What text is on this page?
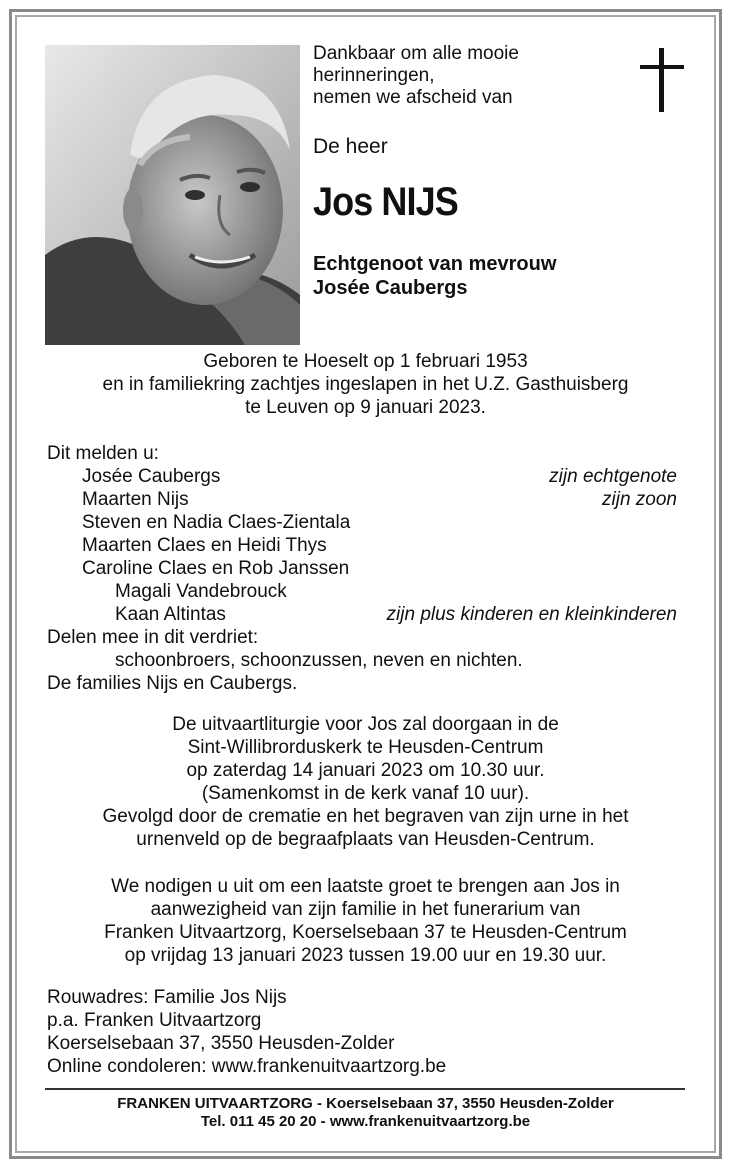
Dankbaar om alle mooie
herinneringen,
nemen we afscheid van
De heer
Jos NIJS
Echtgenoot van mevrouw
Josée Caubergs
Geboren te Hoeselt op 1 februari 1953
en in familiekring zachtjes ingeslapen in het U.Z. Gasthuisberg
te Leuven op 9 januari 2023.
Dit melden u:
Josée Caubergs	zijn echtgenote
Maarten Nijs	zijn zoon
Steven en Nadia Claes-Zientala
Maarten Claes en Heidi Thys
Caroline Claes en Rob Janssen
Magali Vandebrouck
Kaan Altintas	zijn plus kinderen en kleinkinderen
Delen mee in dit verdriet:
schoonbroers, schoonzussen, neven en nichten.
De families Nijs en Caubergs.
De uitvaartliturgie voor Jos zal doorgaan in de
Sint-Willibrorduskerk te Heusden-Centrum
op zaterdag 14 januari 2023 om 10.30 uur.
(Samenkomst in de kerk vanaf 10 uur).
Gevolgd door de crematie en het begraven van zijn urne in het
urnenveld op de begraafplaats van Heusden-Centrum.
We nodigen u uit om een laatste groet te brengen aan Jos in
aanwezigheid van zijn familie in het funerarium van
Franken Uitvaartzorg, Koerselsebaan 37 te Heusden-Centrum
op vrijdag 13 januari 2023 tussen 19.00 uur en 19.30 uur.
Rouwadres: Familie Jos Nijs
p.a. Franken Uitvaartzorg
Koerselsebaan 37, 3550 Heusden-Zolder
Online condoleren: www.frankenuitvaartzorg.be
FRANKEN UITVAARTZORG - Koerselsebaan 37, 3550 Heusden-Zolder
Tel. 011 45 20 20 - www.frankenuitvaartzorg.be
